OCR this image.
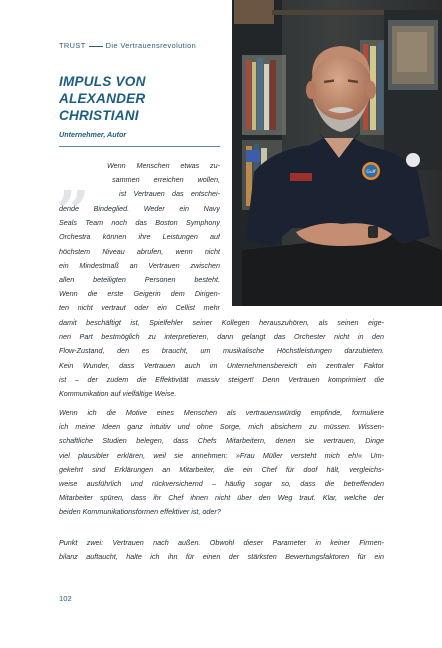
TRUST	Die Vertrauensrevolution
IMPULS VON
ALEXANDER
CHRISTIANI
Unternehmer, Autor
„	Gulf
Wenn Menschen etwas zu-
sammen erreichen wollen,
ist Vertrauen das entschei-
dende Bindeglied. Weder ein Navy
Seals Team noch das Boston Symphony
Orchestra können ihre Leistungen auf
höchstem Niveau abrufen, wenn nicht
ein Mindestmaß an Vertrauen zwischen
allen beteiligten Personen besteht.
Wenn die erste Geigerin dem Dirigen-
ten nicht vertraut oder ein Cellist mehr
damit beschäftigt ist, Spielfehler seiner Kollegen herauszuhören, als seinen eige-
nen Part bestmöglich zu interpretieren, dann gelangt das Orchester nicht in den
Flow-Zustand, den es braucht, um musikalische Höchstleistungen darzubieten.
Kein Wunder, dass Vertrauen auch im Unternehmensbereich ein zentraler Faktor
ist – der zudem die Effektivität massiv steigert! Denn Vertrauen komprimiert die
Kommunikation auf vielfältige Weise.
Wenn ich die Motive eines Menschen als vertrauenswürdig empfinde, formuliere
ich meine Ideen ganz intuitiv und ohne Sorge, mich absichern zu müssen. Wissen-
schaftliche Studien belegen, dass Chefs Mitarbeitern, denen sie vertrauen, Dinge
viel plausibler erklären, weil sie annehmen: »Frau Müller versteht mich eh!« Um-
gekehrt sind Erklärungen an Mitarbeiter, die ein Chef für doof hält, vergleichs-
weise ausführlich und rückversichernd – häufig sogar so, dass die betreffenden
Mitarbeiter spüren, dass ihr Chef ihnen nicht über den Weg traut. Klar, welche der
beiden Kommunikationsformen effektiver ist, oder?
Punkt zwei: Vertrauen nach außen. Obwohl dieser Parameter in keiner Firmen-
bilanz auftaucht, halte ich ihn für einen der stärksten Bewertungsfaktoren für ein
102
